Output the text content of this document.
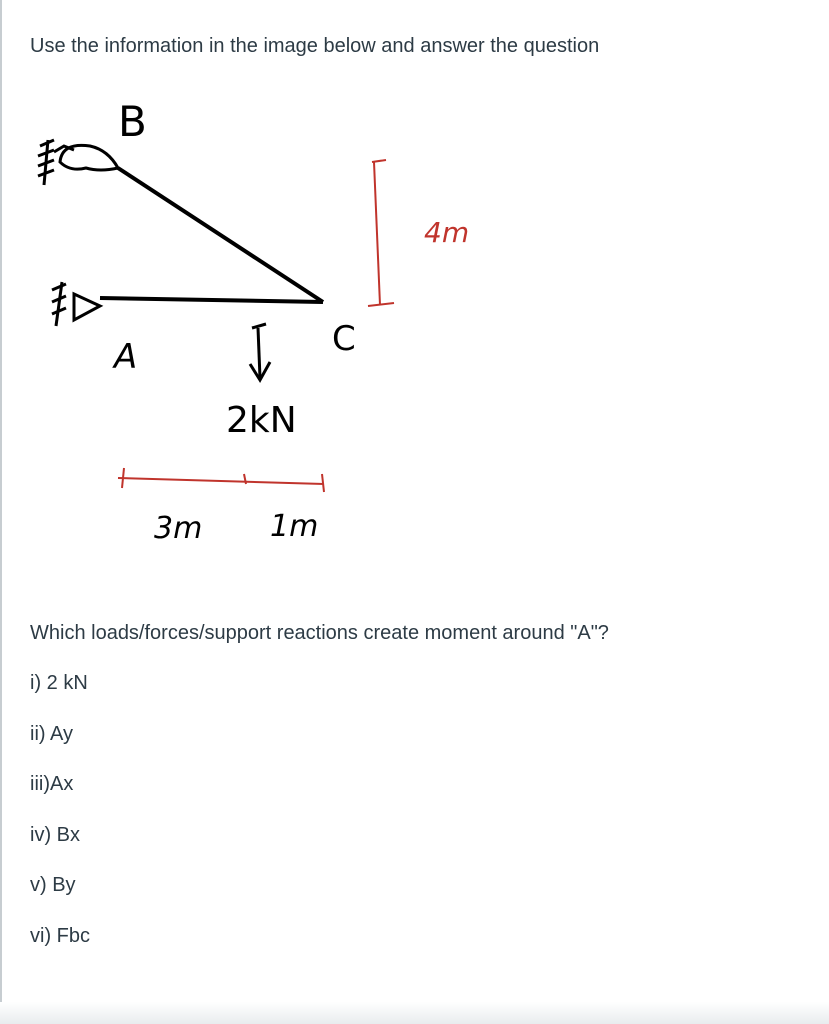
Use the information in the image below and answer the question

B
A
2kN
C
4m
3m 1m

Which loads/forces/support reactions create moment around "A"?

i) 2 kN
ii) Ay
iii)Ax
iv) Bx
v) By
vi) Fbc
